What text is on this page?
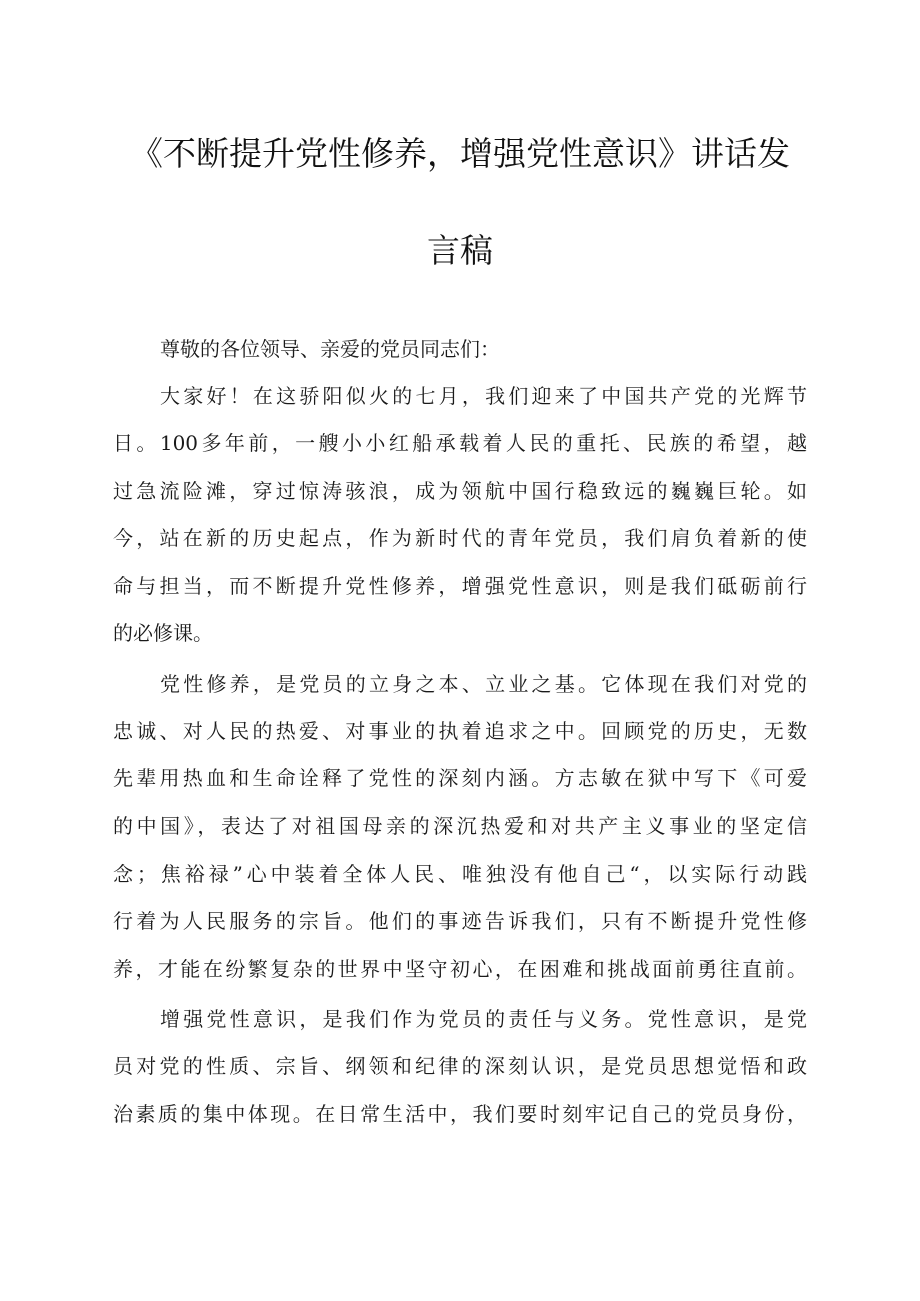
《不断提升党性修养，增强党性意识》讲话发
言稿
尊敬的各位领导、亲爱的党员同志们：
大家好！在这骄阳似火的七月，我们迎来了中国共产党的光辉节
日。100多年前，一艘小小红船承载着人民的重托、民族的希望，越
过急流险滩，穿过惊涛骇浪，成为领航中国行稳致远的巍巍巨轮。如
今，站在新的历史起点，作为新时代的青年党员，我们肩负着新的使
命与担当，而不断提升党性修养，增强党性意识，则是我们砥砺前行
的必修课。
党性修养，是党员的立身之本、立业之基。它体现在我们对党的
忠诚、对人民的热爱、对事业的执着追求之中。回顾党的历史，无数
先辈用热血和生命诠释了党性的深刻内涵。方志敏在狱中写下《可爱
的中国》，表达了对祖国母亲的深沉热爱和对共产主义事业的坚定信
念；焦裕禄”心中装着全体人民、唯独没有他自己“，以实际行动践
行着为人民服务的宗旨。他们的事迹告诉我们，只有不断提升党性修
养，才能在纷繁复杂的世界中坚守初心，在困难和挑战面前勇往直前。
增强党性意识，是我们作为党员的责任与义务。党性意识，是党
员对党的性质、宗旨、纲领和纪律的深刻认识，是党员思想觉悟和政
治素质的集中体现。在日常生活中，我们要时刻牢记自己的党员身份，
